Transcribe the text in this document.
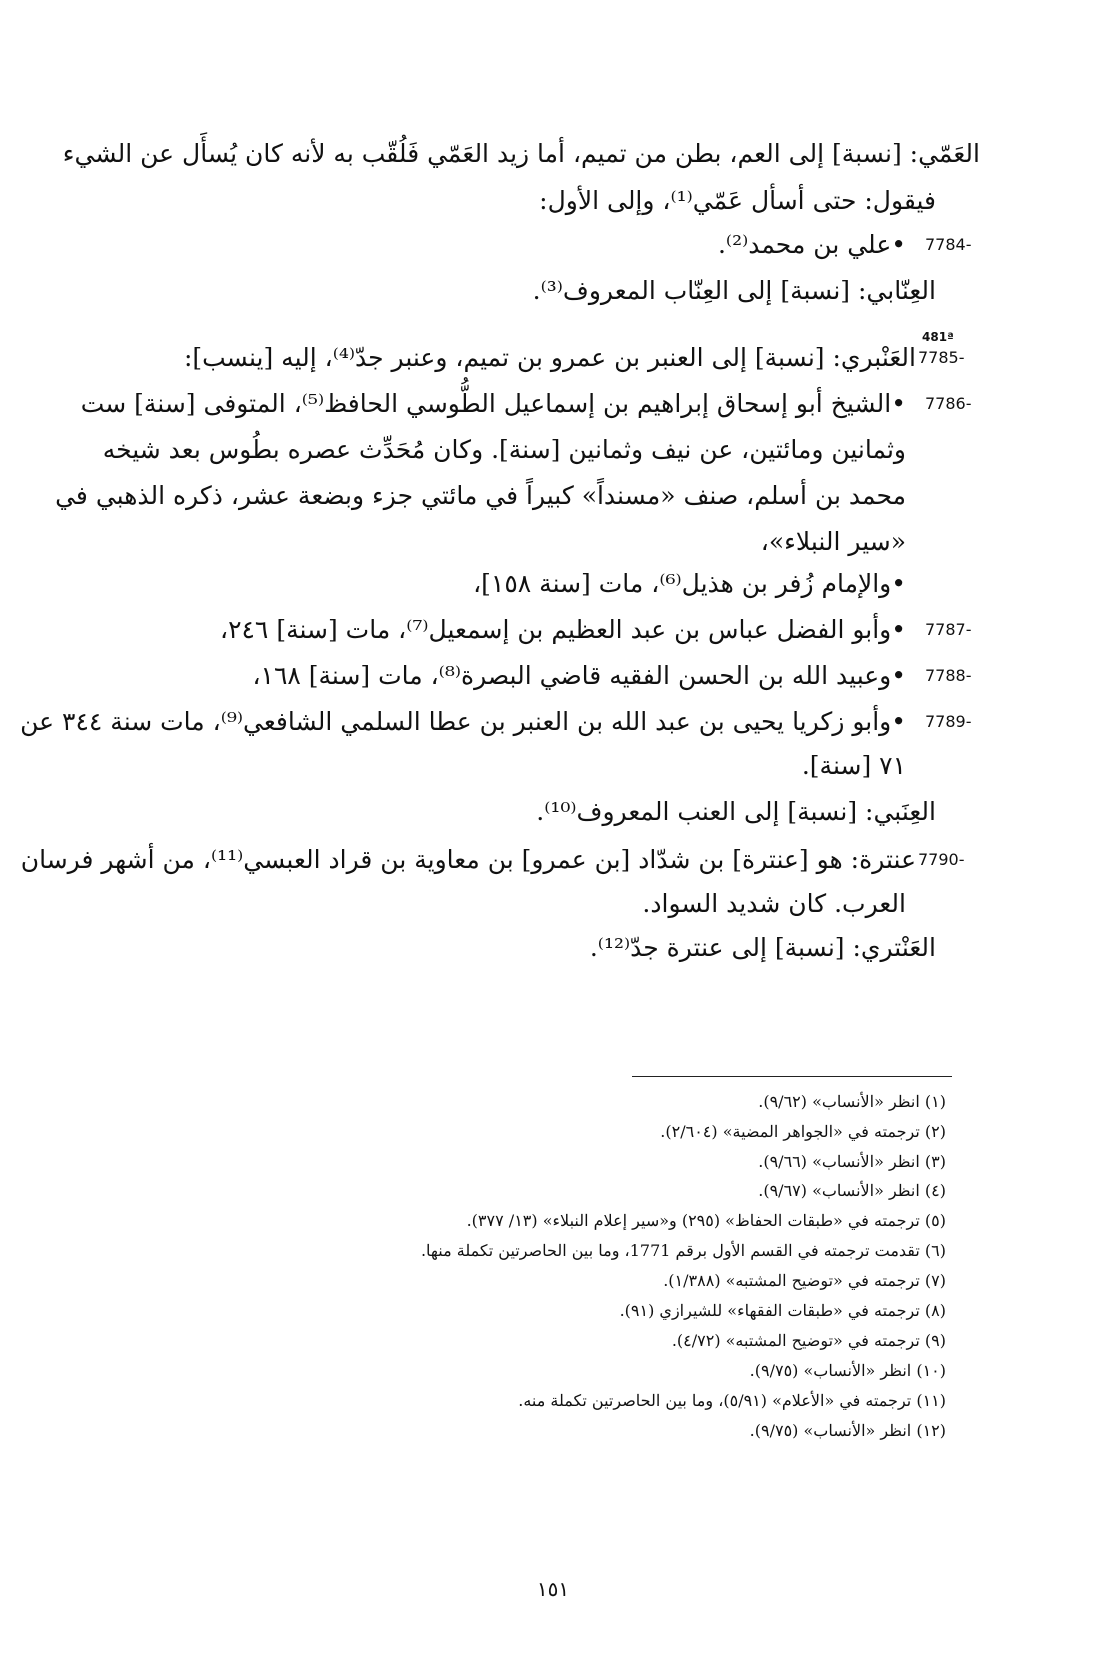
العَمّي: [نسبة] إلى العم، بطن من تميم، أما زيد العَمّي فَلُقّب به لأنه كان يُسأَل عن الشيء
فيقول: حتى أسأل عَمّي⁽¹⁾، وإلى الأول:
7784-
•علي بن محمد⁽²⁾.
العِنّابي: [نسبة] إلى العِنّاب المعروف⁽³⁾.
481ª
7785-
العَنْبري: [نسبة] إلى العنبر بن عمرو بن تميم، وعنبر جدّ⁽⁴⁾، إليه [ينسب]:
7786-
•الشيخ أبو إسحاق إبراهيم بن إسماعيل الطُّوسي الحافظ⁽⁵⁾، المتوفى [سنة] ست
وثمانين ومائتين، عن نيف وثمانين [سنة]. وكان مُحَدِّث عصره بطُوس بعد شيخه
محمد بن أسلم، صنف «مسنداً» كبيراً في مائتي جزء وبضعة عشر، ذكره الذهبي في
«سير النبلاء»،
•والإمام زُفر بن هذيل⁽⁶⁾، مات [سنة ١٥٨]،
7787-
•وأبو الفضل عباس بن عبد العظيم بن إسمعيل⁽⁷⁾، مات [سنة] ٢٤٦،
7788-
•وعبيد الله بن الحسن الفقيه قاضي البصرة⁽⁸⁾، مات [سنة] ١٦٨،
7789-
•وأبو زكريا يحيى بن عبد الله بن العنبر بن عطا السلمي الشافعي⁽⁹⁾، مات سنة ٣٤٤ عن
٧١ [سنة].
العِنَبي: [نسبة] إلى العنب المعروف⁽¹⁰⁾.
7790-
عنترة: هو [عنترة] بن شدّاد [بن عمرو] بن معاوية بن قراد العبسي⁽¹¹⁾، من أشهر فرسان
العرب. كان شديد السواد.
العَنْتري: [نسبة] إلى عنترة جدّ⁽¹²⁾.
(١) انظر «الأنساب» (٩/٦٢).
(٢) ترجمته في «الجواهر المضية» (٢/٦٠٤).
(٣) انظر «الأنساب» (٩/٦٦).
(٤) انظر «الأنساب» (٩/٦٧).
(٥) ترجمته في «طبقات الحفاظ» (٢٩٥) و«سير إعلام النبلاء» (١٣/ ٣٧٧).
(٦) تقدمت ترجمته في القسم الأول برقم 1771، وما بين الحاصرتين تكملة منها.
(٧) ترجمته في «توضيح المشتبه» (١/٣٨٨).
(٨) ترجمته في «طبقات الفقهاء» للشيرازي (٩١).
(٩) ترجمته في «توضيح المشتبه» (٤/٧٢).
(١٠) انظر «الأنساب» (٩/٧٥).
(١١) ترجمته في «الأعلام» (٥/٩١)، وما بين الحاصرتين تكملة منه.
(١٢) انظر «الأنساب» (٩/٧٥).
١٥١
